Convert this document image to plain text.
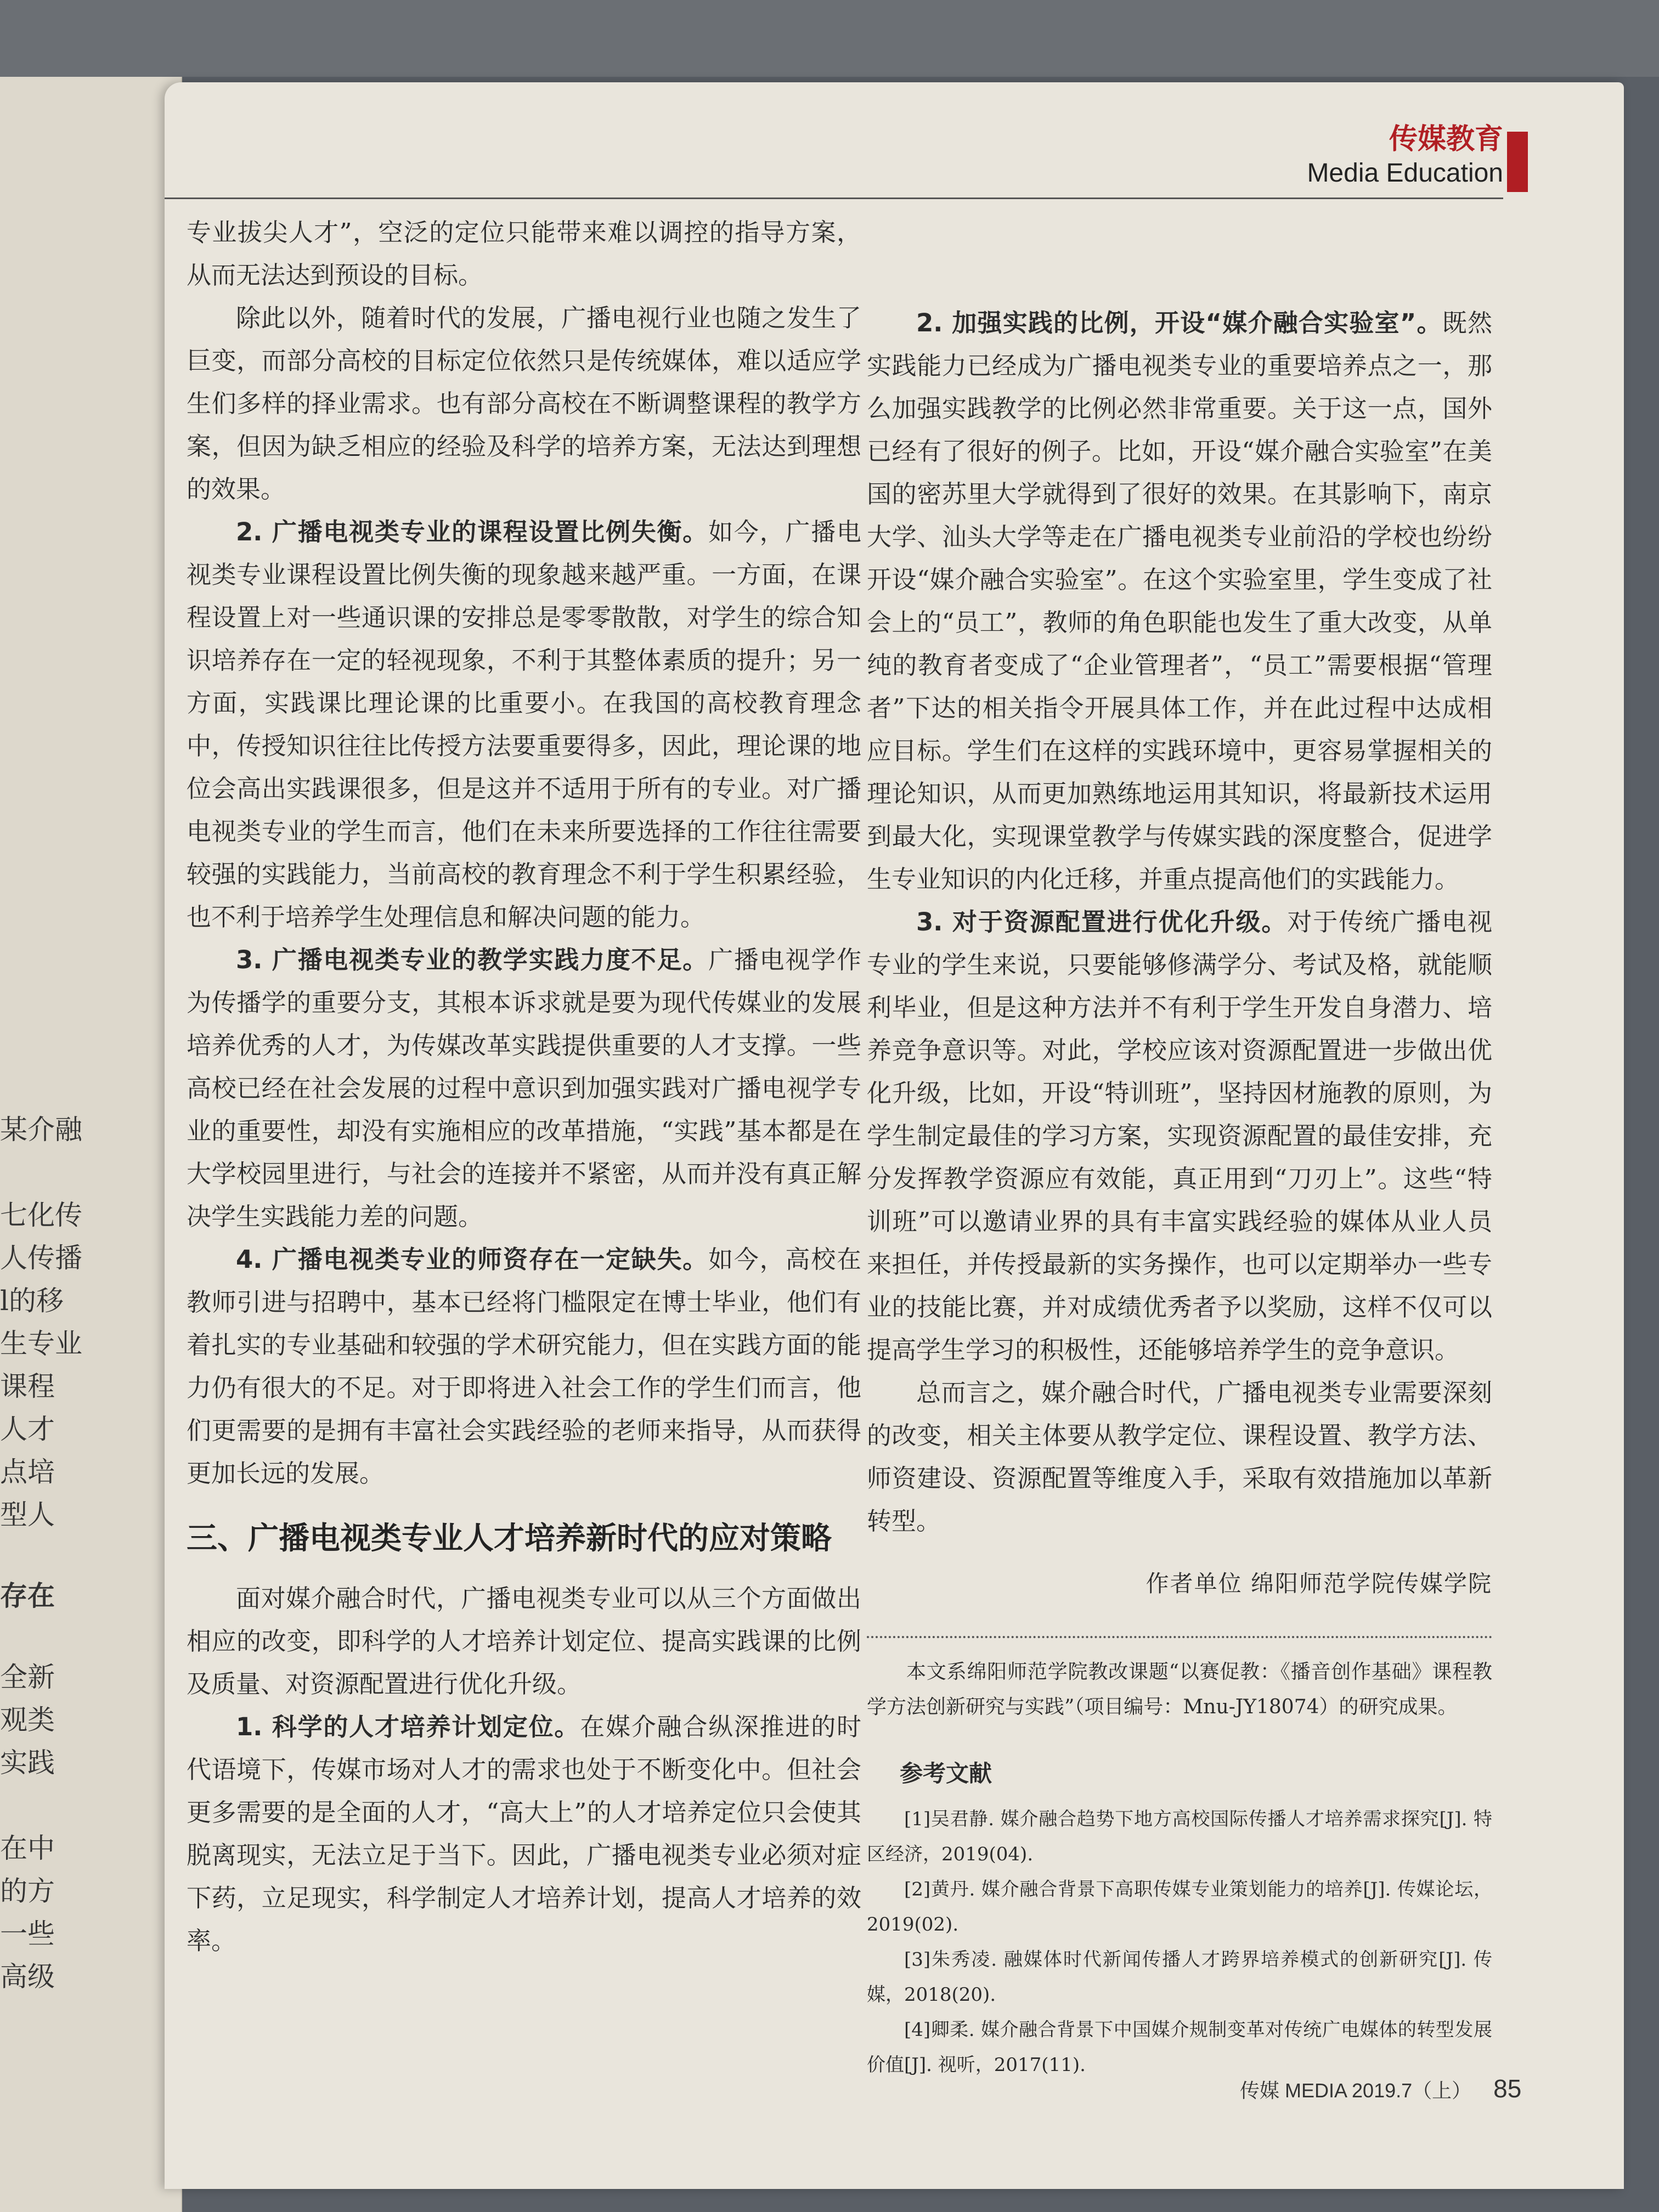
某介融
七化传
人传播
l的移
生专业
课程
人才
点培
型人
存在
全新
观类
实践
在中
的方
一些
高级
传媒教育
Media Education

专业拔尖人才”，空泛的定位只能带来难以调控的指导方案，从而无法达到预设的目标。

除此以外，随着时代的发展，广播电视行业也随之发生了巨变，而部分高校的目标定位依然只是传统媒体，难以适应学生们多样的择业需求。也有部分高校在不断调整课程的教学方案，但因为缺乏相应的经验及科学的培养方案，无法达到理想的效果。

2. 广播电视类专业的课程设置比例失衡。如今，广播电视类专业课程设置比例失衡的现象越来越严重。一方面，在课程设置上对一些通识课的安排总是零零散散，对学生的综合知识培养存在一定的轻视现象，不利于其整体素质的提升；另一方面，实践课比理论课的比重要小。在我国的高校教育理念中，传授知识往往比传授方法要重要得多，因此，理论课的地位会高出实践课很多，但是这并不适用于所有的专业。对广播电视类专业的学生而言，他们在未来所要选择的工作往往需要较强的实践能力，当前高校的教育理念不利于学生积累经验，也不利于培养学生处理信息和解决问题的能力。

3. 广播电视类专业的教学实践力度不足。广播电视学作为传播学的重要分支，其根本诉求就是要为现代传媒业的发展培养优秀的人才，为传媒改革实践提供重要的人才支撑。一些高校已经在社会发展的过程中意识到加强实践对广播电视学专业的重要性，却没有实施相应的改革措施，“实践”基本都是在大学校园里进行，与社会的连接并不紧密，从而并没有真正解决学生实践能力差的问题。

4. 广播电视类专业的师资存在一定缺失。如今，高校在教师引进与招聘中，基本已经将门槛限定在博士毕业，他们有着扎实的专业基础和较强的学术研究能力，但在实践方面的能力仍有很大的不足。对于即将进入社会工作的学生们而言，他们更需要的是拥有丰富社会实践经验的老师来指导，从而获得更加长远的发展。

三、广播电视类专业人才培养新时代的应对策略

面对媒介融合时代，广播电视类专业可以从三个方面做出相应的改变，即科学的人才培养计划定位、提高实践课的比例及质量、对资源配置进行优化升级。

1. 科学的人才培养计划定位。在媒介融合纵深推进的时代语境下，传媒市场对人才的需求也处于不断变化中。但社会更多需要的是全面的人才，“高大上”的人才培养定位只会使其脱离现实，无法立足于当下。因此，广播电视类专业必须对症下药，立足现实，科学制定人才培养计划，提高人才培养的效率。

2. 加强实践的比例，开设“媒介融合实验室”。既然实践能力已经成为广播电视类专业的重要培养点之一，那么加强实践教学的比例必然非常重要。关于这一点，国外已经有了很好的例子。比如，开设“媒介融合实验室”在美国的密苏里大学就得到了很好的效果。在其影响下，南京大学、汕头大学等走在广播电视类专业前沿的学校也纷纷开设“媒介融合实验室”。在这个实验室里，学生变成了社会上的“员工”，教师的角色职能也发生了重大改变，从单纯的教育者变成了“企业管理者”，“员工”需要根据“管理者”下达的相关指令开展具体工作，并在此过程中达成相应目标。学生们在这样的实践环境中，更容易掌握相关的理论知识，从而更加熟练地运用其知识，将最新技术运用到最大化，实现课堂教学与传媒实践的深度整合，促进学生专业知识的内化迁移，并重点提高他们的实践能力。

3. 对于资源配置进行优化升级。对于传统广播电视专业的学生来说，只要能够修满学分、考试及格，就能顺利毕业，但是这种方法并不有利于学生开发自身潜力、培养竞争意识等。对此，学校应该对资源配置进一步做出优化升级，比如，开设“特训班”，坚持因材施教的原则，为学生制定最佳的学习方案，实现资源配置的最佳安排，充分发挥教学资源应有效能，真正用到“刀刃上”。这些“特训班”可以邀请业界的具有丰富实践经验的媒体从业人员来担任，并传授最新的实务操作，也可以定期举办一些专业的技能比赛，并对成绩优秀者予以奖励，这样不仅可以提高学生学习的积极性，还能够培养学生的竞争意识。

总而言之，媒介融合时代，广播电视类专业需要深刻的改变，相关主体要从教学定位、课程设置、教学方法、师资建设、资源配置等维度入手，采取有效措施加以革新转型。

作者单位 绵阳师范学院传媒学院

本文系绵阳师范学院教改课题“以赛促教：《播音创作基础》课程教学方法创新研究与实践”（项目编号：Mnu-JY18074）的研究成果。

参考文献

[1]吴君静. 媒介融合趋势下地方高校国际传播人才培养需求探究[J]. 特区经济，2019(04).

[2]黄丹. 媒介融合背景下高职传媒专业策划能力的培养[J]. 传媒论坛，2019(02).

[3]朱秀凌. 融媒体时代新闻传播人才跨界培养模式的创新研究[J]. 传媒，2018(20).

[4]卿柔. 媒介融合背景下中国媒介规制变革对传统广电媒体的转型发展价值[J]. 视听，2017(11).

传媒 MEDIA 2019.7（上） 85
